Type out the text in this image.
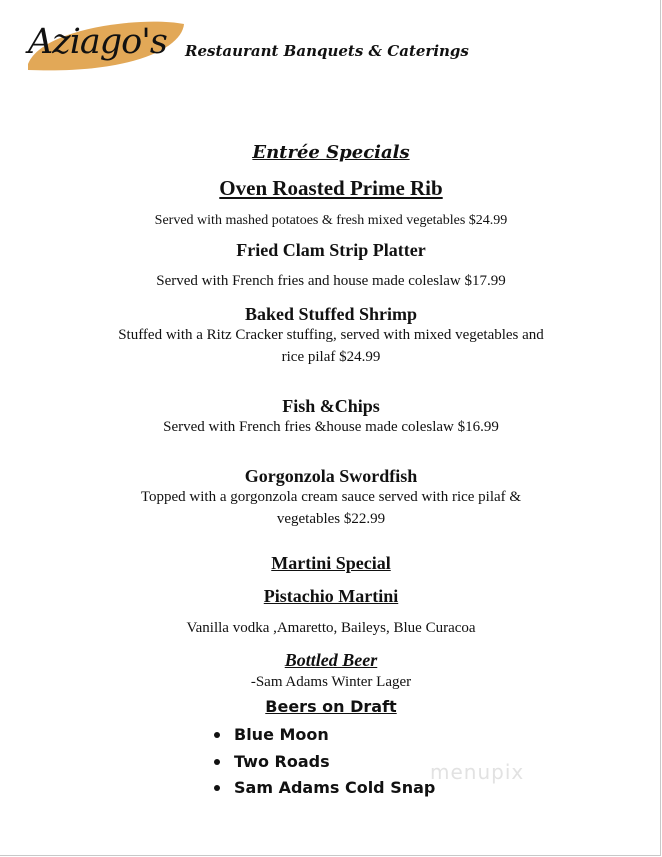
Aziago's Restaurant Banquets & Caterings
Entrée Specials
Oven Roasted Prime Rib
Served with mashed potatoes & fresh mixed vegetables $24.99
Fried Clam Strip Platter
Served with French fries and house made coleslaw $17.99
Baked Stuffed Shrimp
Stuffed with a Ritz Cracker stuffing, served with mixed vegetables and
rice pilaf $24.99
Fish &Chips
Served with French fries &house made coleslaw $16.99
Gorgonzola Swordfish
Topped with a gorgonzola cream sauce served with rice pilaf &
vegetables $22.99
Martini Special
Pistachio Martini
Vanilla vodka ,Amaretto, Baileys, Blue Curacoa
Bottled Beer
-Sam Adams Winter Lager
Beers on Draft
Blue Moon
Two Roads
Sam Adams Cold Snap
menupix
